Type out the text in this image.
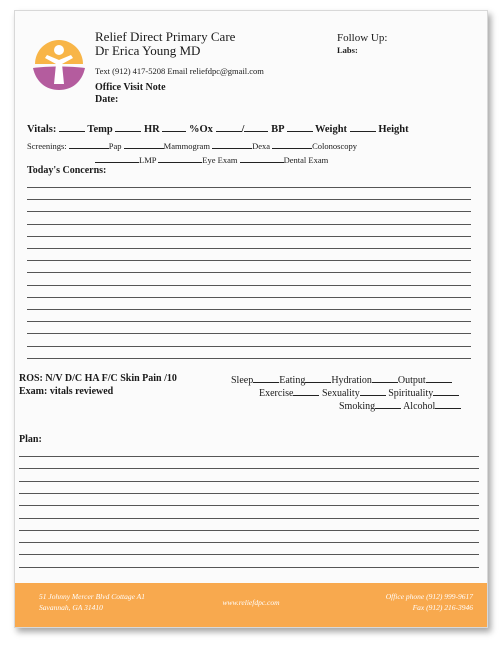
Relief Direct Primary Care
Dr Erica Young MD
Text (912) 417-5208 Email reliefdpc@gmail.com
Office Visit Note
Date:
Follow Up:
Labs:
Vitals:	Temp	HR	%Ox	/	BP	Weight	Height
Screenings:	Pap	Mammogram	Dexa	Colonoscopy
LMP	Eye Exam	Dental Exam
Today's Concerns:
ROS: N/V D/C HA F/C Skin Pain /10
Exam: vitals reviewed
Sleep	Eating	Hydration	Output
Exercise	Sexuality	Spirituality
Smoking	Alcohol
Plan:
51 Johnny Mercer Blvd Cottage A1
Savannah, GA 31410
www.reliefdpc.com
Office phone (912) 999-9617
Fax (912) 216-3946
